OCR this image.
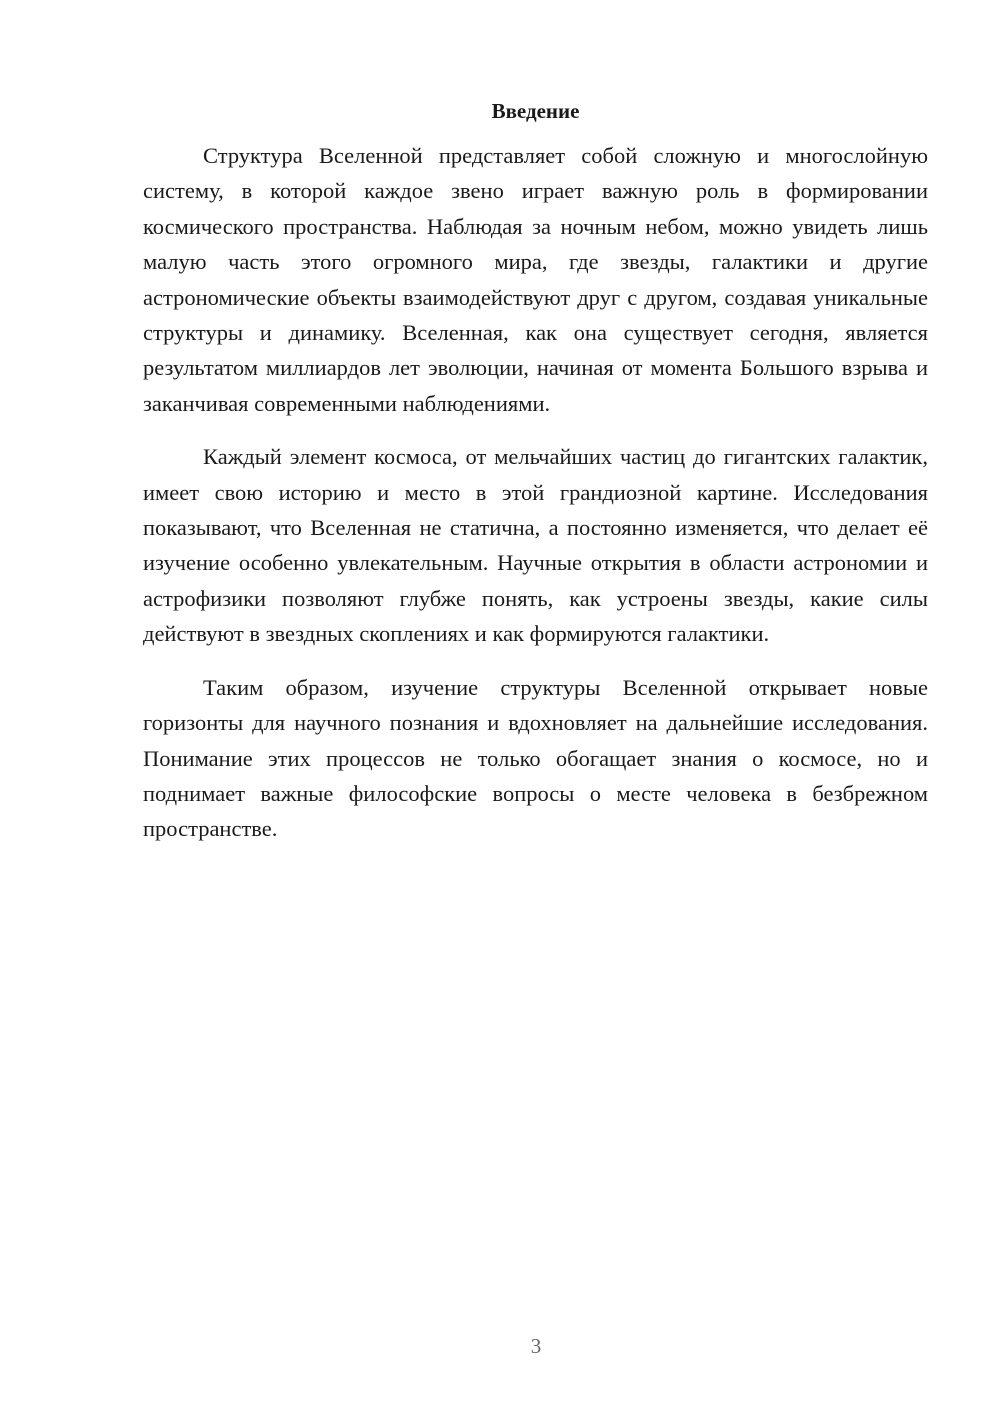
Введение

Структура Вселенной представляет собой сложную и многослойную систему, в которой каждое звено играет важную роль в формировании космического пространства. Наблюдая за ночным небом, можно увидеть лишь малую часть этого огромного мира, где звезды, галактики и другие астрономические объекты взаимодействуют друг с другом, создавая уникальные структуры и динамику. Вселенная, как она существует сегодня, является результатом миллиардов лет эволюции, начиная от момента Большого взрыва и заканчивая современными наблюдениями.

Каждый элемент космоса, от мельчайших частиц до гигантских галактик, имеет свою историю и место в этой грандиозной картине. Исследования показывают, что Вселенная не статична, а постоянно изменяется, что делает её изучение особенно увлекательным. Научные открытия в области астрономии и астрофизики позволяют глубже понять, как устроены звезды, какие силы действуют в звездных скоплениях и как формируются галактики.

Таким образом, изучение структуры Вселенной открывает новые горизонты для научного познания и вдохновляет на дальнейшие исследования. Понимание этих процессов не только обогащает знания о космосе, но и поднимает важные философские вопросы о месте человека в безбрежном пространстве.

3
